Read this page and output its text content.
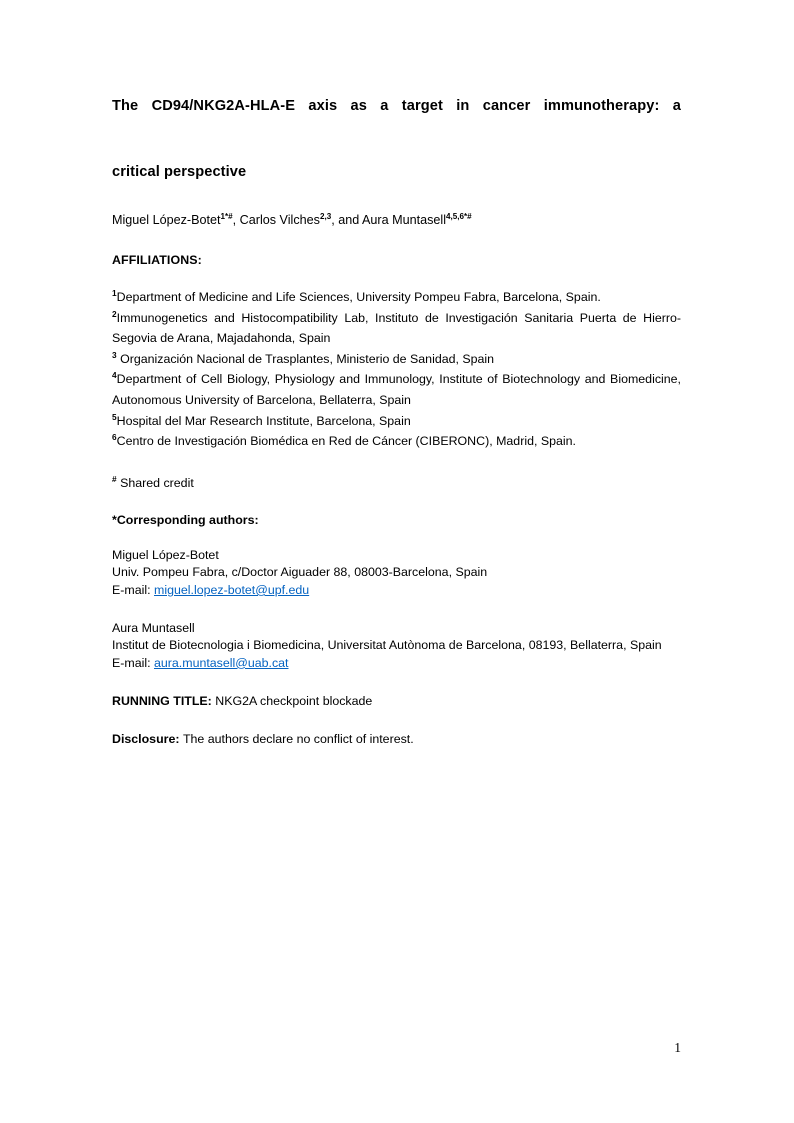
The CD94/NKG2A-HLA-E axis as a target in cancer immunotherapy: a
critical perspective
Miguel López-Botet$^{1*\#}$, Carlos Vilches$^{2,3}$, and Aura Muntasell$^{4,5,6*\#}$
AFFILIATIONS:

$^1$Department of Medicine and Life Sciences, University Pompeu Fabra, Barcelona, Spain.

$^2$Immunogenetics and Histocompatibility Lab, Instituto de Investigación Sanitaria Puerta de Hierro- Segovia de Arana, Majadahonda, Spain

$^3$ Organización Nacional de Trasplantes, Ministerio de Sanidad, Spain

$^4$Department of Cell Biology, Physiology and Immunology, Institute of Biotechnology and Biomedicine, Autonomous University of Barcelona, Bellaterra, Spain

$^5$Hospital del Mar Research Institute, Barcelona, Spain

$^6$Centro de Investigación Biomédica en Red de Cáncer (CIBERONC), Madrid, Spain.

# Shared credit
*Corresponding authors:
Miguel López-Botet
Univ. Pompeu Fabra, c/Doctor Aiguader 88, 08003-Barcelona, Spain
E-mail: miguel.lopez-botet@upf.edu
Aura Muntasell
Institut de Biotecnologia i Biomedicina, Universitat Autònoma de Barcelona, 08193, Bellaterra, Spain
E-mail: aura.muntasell@uab.cat
RUNNING TITLE: NKG2A checkpoint blockade
Disclosure: The authors declare no conflict of interest.
1
